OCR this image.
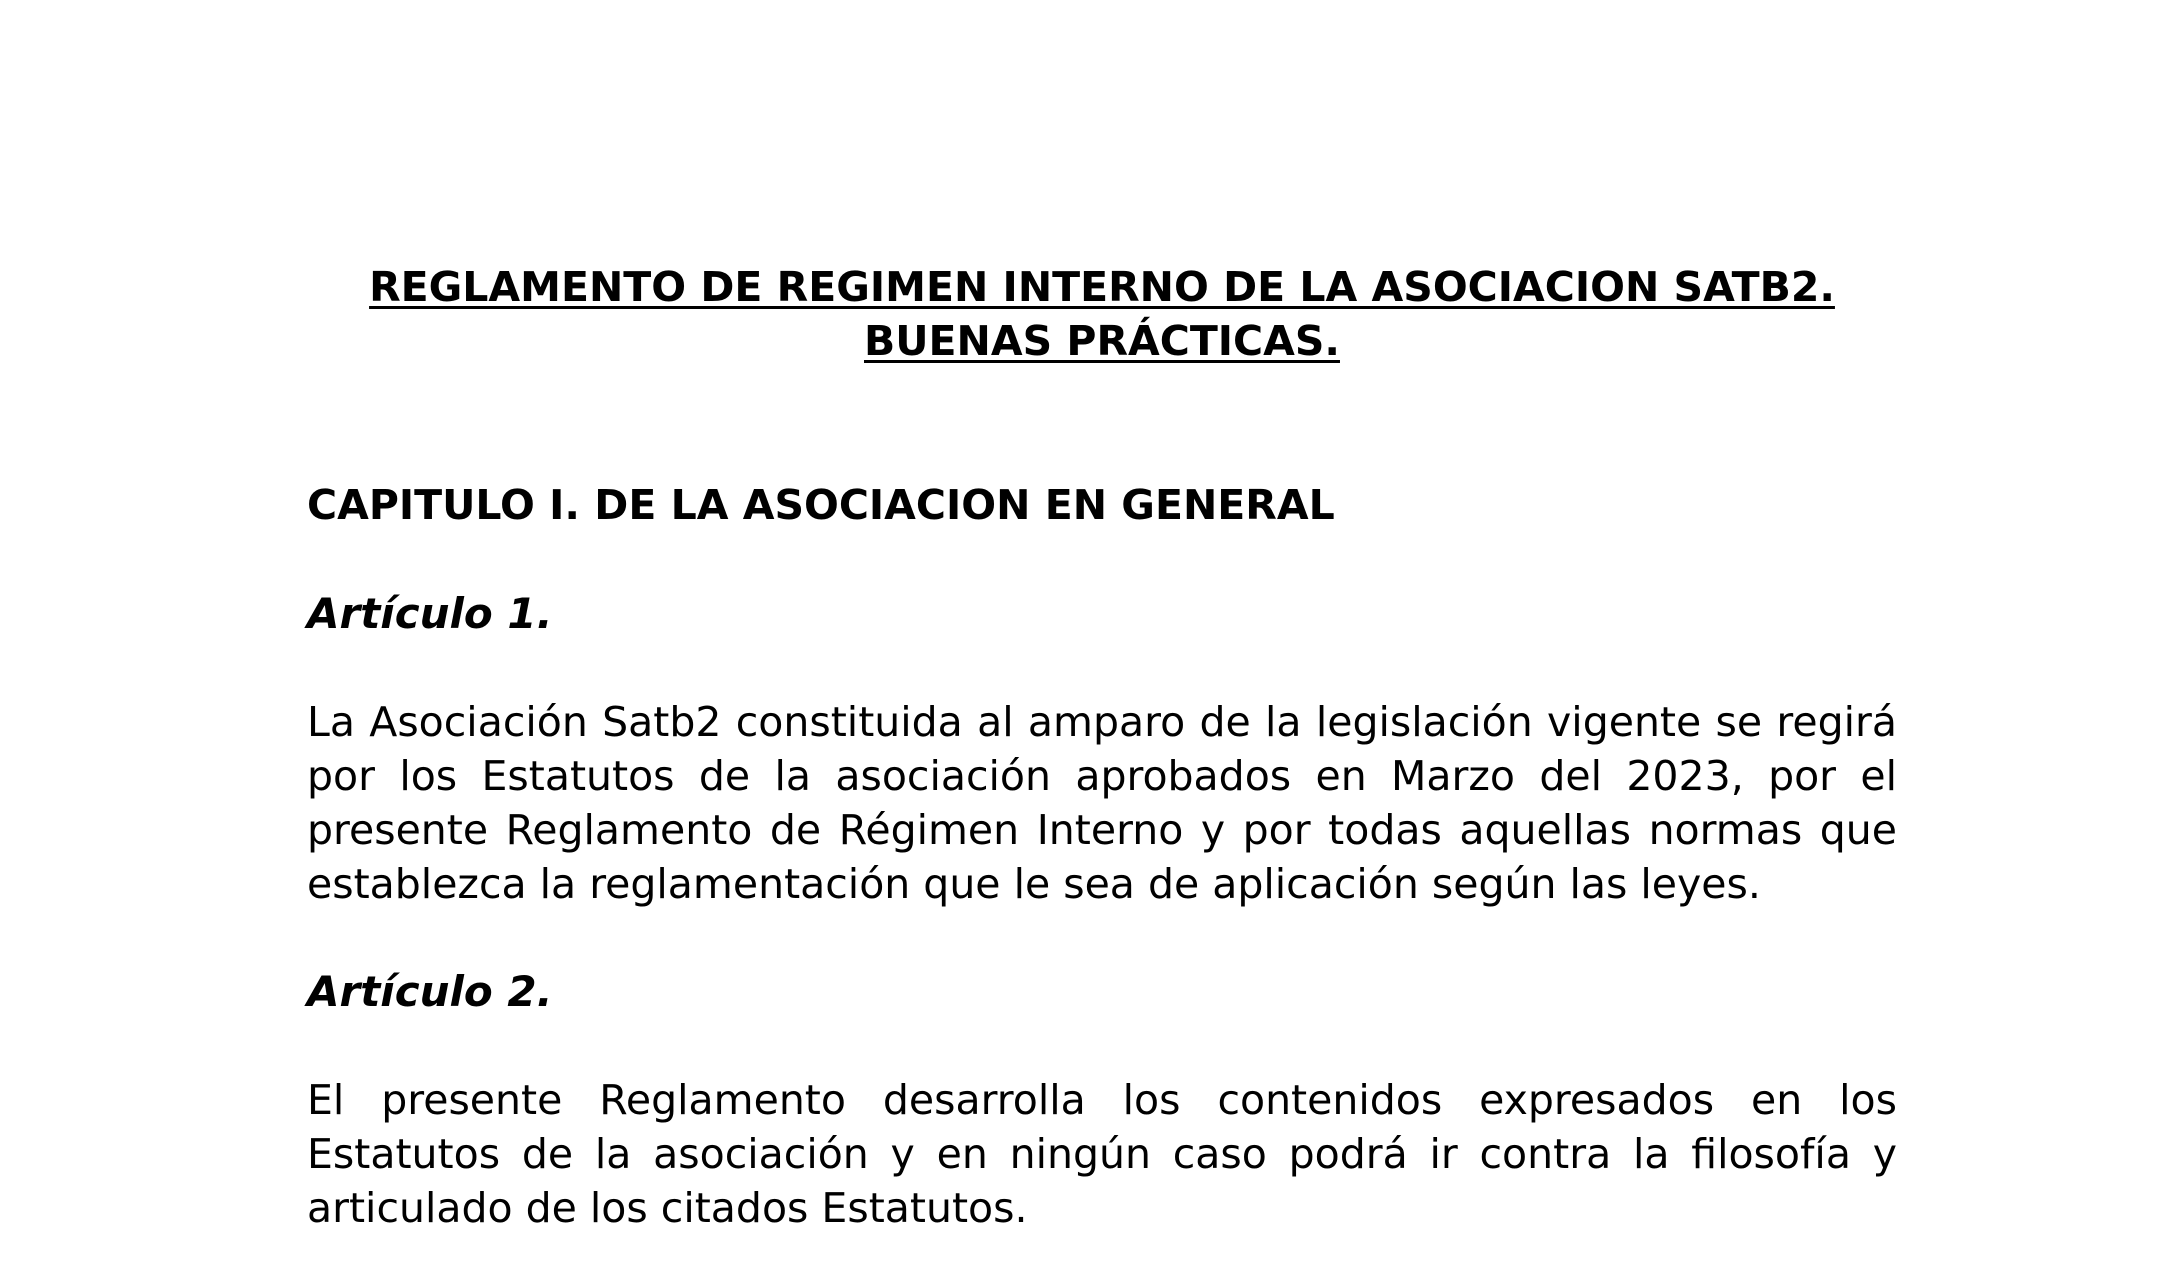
REGLAMENTO DE REGIMEN INTERNO DE LA ASOCIACION SATB2.
BUENAS PRÁCTICAS.
CAPITULO I. DE LA ASOCIACION EN GENERAL
Artículo 1.
La Asociación Satb2 constituida al amparo de la legislación vigente se regirá por los Estatutos de la asociación aprobados en Marzo del 2023, por el presente Reglamento de Régimen Interno y por todas aquellas normas que establezca la reglamentación que le sea de aplicación según las leyes.
Artículo 2.
El presente Reglamento desarrolla los contenidos expresados en los Estatutos de la asociación y en ningún caso podrá ir contra la filosofía y articulado de los citados Estatutos.
